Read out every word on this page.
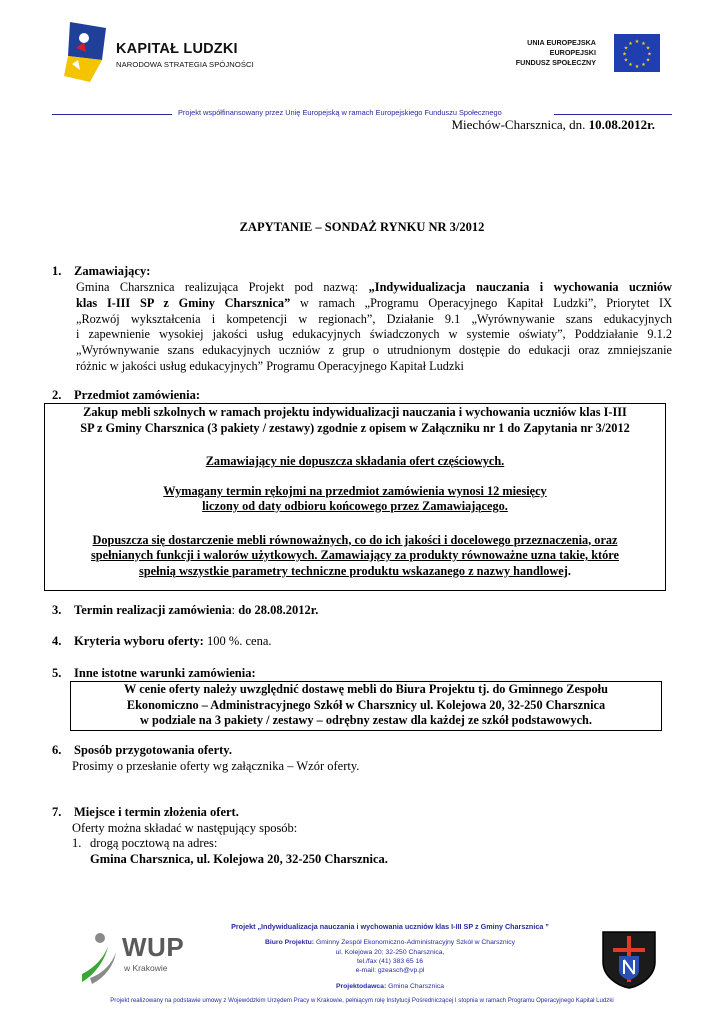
KAPITAŁ LUDZKI
NARODOWA STRATEGIA SPÓJNOŚCI
UNIA EUROPEJSKA
EUROPEJSKI
FUNDUSZ SPOŁECZNY
★ ★
★
★
★
★
★
★
★
★
★
★
Projekt współfinansowany przez Unię Europejską w ramach Europejskiego Funduszu Społecznego
Miechów-Charsznica, dn. 10.08.2012r.
ZAPYTANIE – SONDAŻ RYNKU NR 3/2012
1. Zamawiający:
Gmina Charsznica realizująca Projekt pod nazwą: „Indywidualizacja nauczania i wychowania uczniów
klas I-III SP z Gminy Charsznica” w ramach „Programu Operacyjnego Kapitał Ludzki”, Priorytet IX
„Rozwój wykształcenia i kompetencji w regionach”, Działanie 9.1 „Wyrównywanie szans edukacyjnych
i zapewnienie wysokiej jakości usług edukacyjnych świadczonych w systemie oświaty”, Poddziałanie 9.1.2
„Wyrównywanie szans edukacyjnych uczniów z grup o utrudnionym dostępie do edukacji oraz zmniejszanie
różnic w jakości usług edukacyjnych” Programu Operacyjnego Kapitał Ludzki
2. Przedmiot zamówienia:

Zakup mebli szkolnych w ramach projektu indywidualizacji nauczania i wychowania uczniów klas I-III

SP z Gminy Charsznica (3 pakiety / zestawy) zgodnie z opisem w Załączniku nr 1 do Zapytania nr 3/2012

Zamawiający nie dopuszcza składania ofert częściowych.

Wymagany termin rękojmi na przedmiot zamówienia wynosi 12 miesięcy

liczony od daty odbioru końcowego przez Zamawiającego.

Dopuszcza się dostarczenie mebli równoważnych, co do ich jakości i docelowego przeznaczenia, oraz

spełnianych funkcji i walorów użytkowych. Zamawiający za produkty równoważne uzna takie, które

spełnią wszystkie parametry techniczne produktu wskazanego z nazwy handlowej.

3. Termin realizacji zamówienia: do 28.08.2012r.
4. Kryteria wyboru oferty: 100 %. cena.
5. Inne istotne warunki zamówienia:

W cenie oferty należy uwzględnić dostawę mebli do Biura Projektu tj. do Gminnego Zespołu

Ekonomiczno – Administracyjnego Szkół w Charsznicy ul. Kolejowa 20, 32-250 Charsznica

w podziale na 3 pakiety / zestawy – odrębny zestaw dla każdej ze szkół podstawowych.

6. Sposób przygotowania oferty.
Prosimy o przesłanie oferty wg załącznika – Wzór oferty.
7. Miejsce i termin złożenia ofert.
Oferty można składać w następujący sposób:
1. drogą pocztową na adres:
Gmina Charsznica, ul. Kolejowa 20, 32-250 Charsznica.
WUP
w Krakowie
Projekt „Indywidualizacja nauczania i wychowania uczniów klas I-III SP z Gminy Charsznica ”
Biuro Projektu: Gminny Zespół Ekonomiczno-Administracyjny Szkół w Charsznicy
ul. Kolejowa 20; 32-250 Charsznica,
tel./fax (41) 383 65 16
e-mail: gzeasch@vp.pl
Projektodawca: Gmina Charsznica
Projekt realizowany na podstawie umowy z Wojewódzkim Urzędem Pracy w Krakowie, pełniącym rolę Instytucji Pośredniczącej I stopnia w ramach Programu Operacyjnego Kapitał Ludzki
